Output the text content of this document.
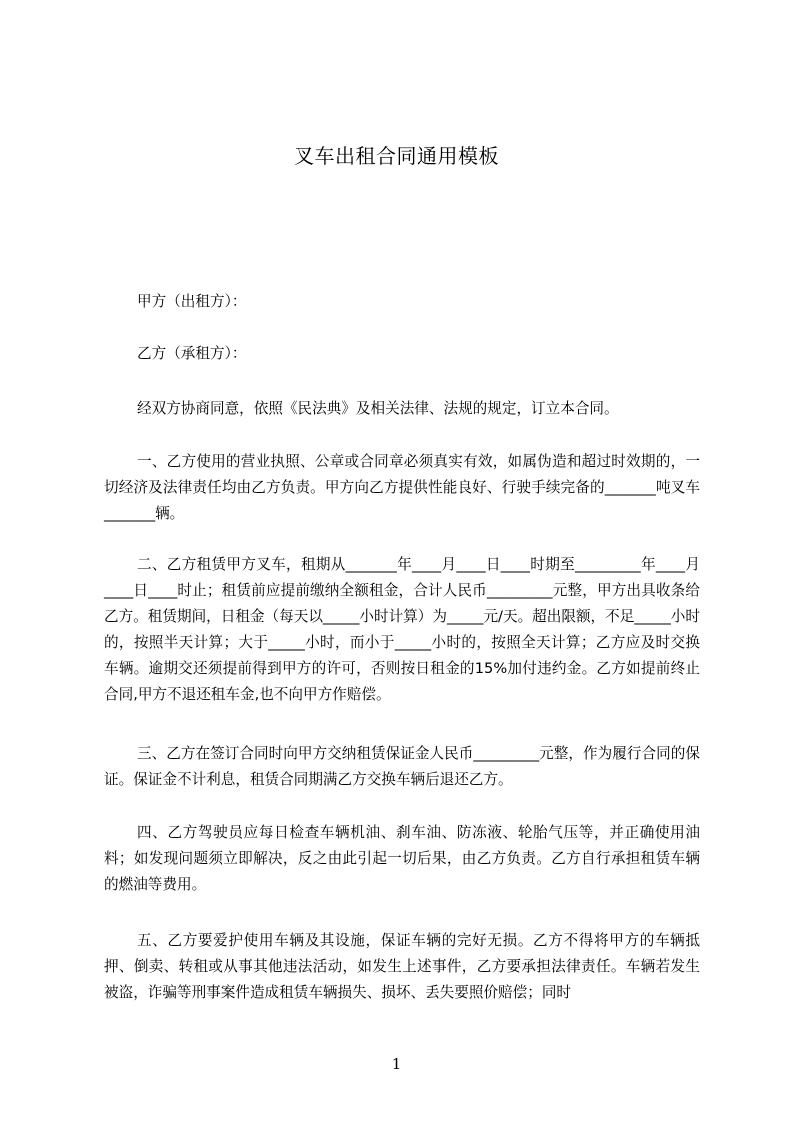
叉车出租合同通用模板

甲方（出租方）：

乙方（承租方）：

经双方协商同意，依照《民法典》及相关法律、法规的规定，订立本合同。

一、乙方使用的营业执照、公章或合同章必须真实有效，如属伪造和超过时效期的，一切经济及法律责任均由乙方负责。甲方向乙方提供性能良好、行驶手续完备的_______吨叉车_______辆。

二、乙方租赁甲方叉车，租期从_______年____月____日____时期至_________年____月____日____时止；租赁前应提前缴纳全额租金，合计人民币_________元整，甲方出具收条给乙方。租赁期间，日租金（每天以_____小时计算）为_____元/天。超出限额，不足_____小时的，按照半天计算；大于_____小时，而小于_____小时的，按照全天计算；乙方应及时交换车辆。逾期交还须提前得到甲方的许可，否则按日租金的15%加付违约金。乙方如提前终止合同,甲方不退还租车金,也不向甲方作赔偿。

三、乙方在签订合同时向甲方交纳租赁保证金人民币_________元整，作为履行合同的保证。保证金不计利息，租赁合同期满乙方交换车辆后退还乙方。

四、乙方驾驶员应每日检查车辆机油、刹车油、防冻液、轮胎气压等，并正确使用油料；如发现问题须立即解决，反之由此引起一切后果，由乙方负责。乙方自行承担租赁车辆的燃油等费用。

五、乙方要爱护使用车辆及其设施，保证车辆的完好无损。乙方不得将甲方的车辆抵押、倒卖、转租或从事其他违法活动，如发生上述事件，乙方要承担法律责任。车辆若发生被盗，诈骗等刑事案件造成租赁车辆损失、损坏、丢失要照价赔偿；同时

1
